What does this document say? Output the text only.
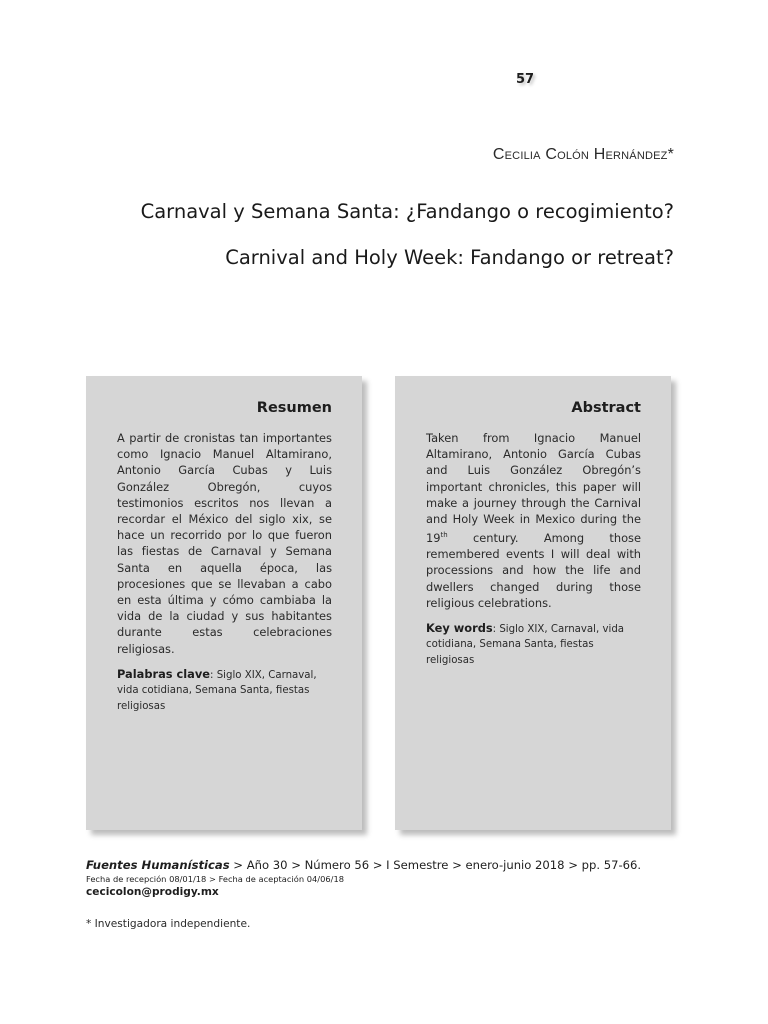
57
Cecilia Colón Hernández*
Carnaval y Semana Santa: ¿Fandango o recogimiento?
Carnival and Holy Week: Fandango or retreat?
Resumen

A partir de cronistas tan importantes como Ignacio Manuel Altamirano, Antonio García Cubas y Luis González Obregón, cuyos testimonios escritos nos llevan a recordar el México del siglo xix, se hace un recorrido por lo que fueron las fiestas de Carnaval y Semana Santa en aquella época, las procesiones que se llevaban a cabo en esta última y cómo cambiaba la vida de la ciudad y sus habitantes durante estas celebraciones religiosas.

Palabras clave: Siglo XIX, Carnaval, vida cotidiana, Semana Santa, fiestas religiosas
Abstract

Taken from Ignacio Manuel Altamirano, Antonio García Cubas and Luis González Obregón’s important chronicles, this paper will make a journey through the Carnival and Holy Week in Mexico during the 19th century. Among those remembered events I will deal with processions and how the life and dwellers changed during those religious celebrations.

Key words: Siglo XIX, Carnaval, vida cotidiana, Semana Santa, fiestas religiosas
Fuentes Humanísticas > Año 30 > Número 56 > I Semestre > enero-junio 2018 > pp. 57-66.
Fecha de recepción 08/01/18 > Fecha de aceptación 04/06/18
cecicolon@prodigy.mx
* Investigadora independiente.
